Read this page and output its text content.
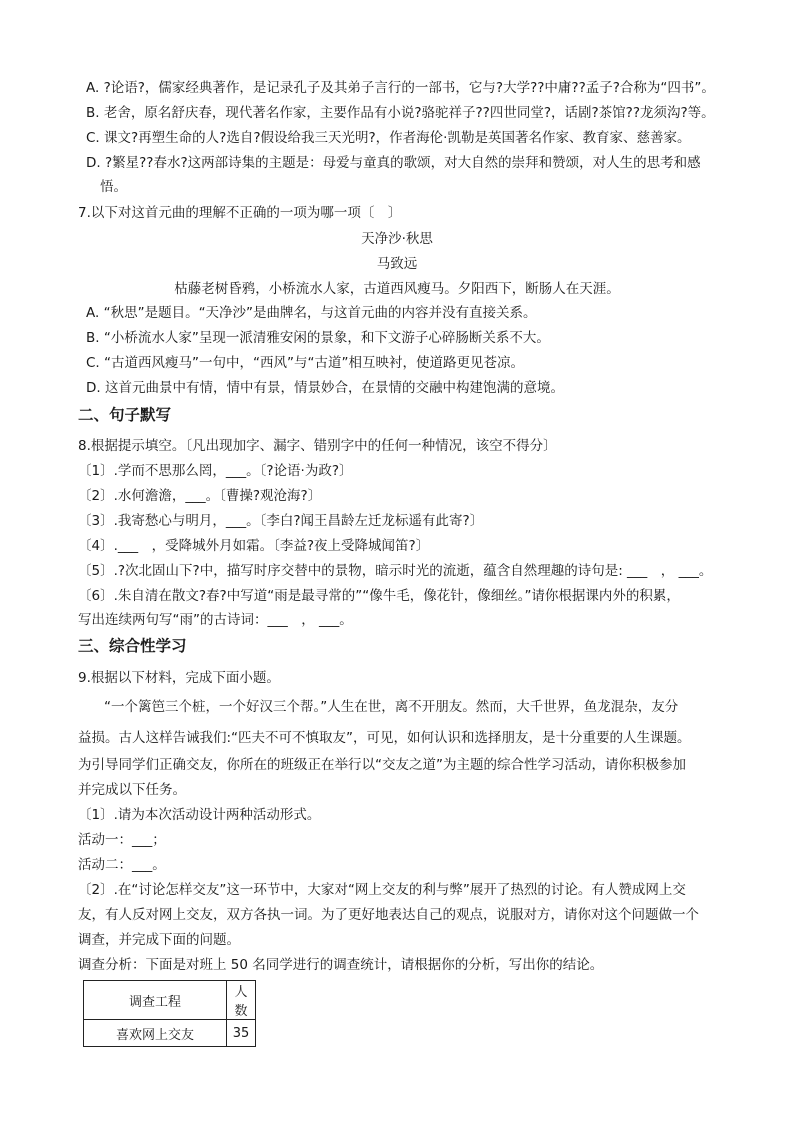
A. ?论语?，儒家经典著作，是记录孔子及其弟子言行的一部书，它与?大学??中庸??孟子?合称为“四书”。
B. 老舍，原名舒庆春，现代著名作家，主要作品有小说?骆驼祥子??四世同堂?，话剧?茶馆??龙须沟?等。
C. 课文?再塑生命的人?选自?假设给我三天光明?，作者海伦·凯勒是英国著名作家、教育家、慈善家。
D. ?繁星??春水?这两部诗集的主题是：母爱与童真的歌颂，对大自然的崇拜和赞颂，对人生的思考和感
悟。
7.以下对这首元曲的理解不正确的一项为哪一项〔　〕
天净沙·秋思
马致远
枯藤老树昏鸦，小桥流水人家，古道西风瘦马。夕阳西下，断肠人在天涯。
A. “秋思”是题目。“天净沙”是曲牌名，与这首元曲的内容并没有直接关系。
B. “小桥流水人家”呈现一派清雅安闲的景象，和下文游子心碎肠断关系不大。
C. “古道西风瘦马”一句中，“西风”与“古道”相互映衬，使道路更见苍凉。
D. 这首元曲景中有情，情中有景，情景妙合，在景情的交融中构建饱满的意境。
二、句子默写
8.根据提示填空。〔凡出现加字、漏字、错别字中的任何一种情况，该空不得分〕
〔1〕.学而不思那么罔，___。〔?论语·为政?〕
〔2〕.水何澹澹，___。〔曹操?观沧海?〕
〔3〕.我寄愁心与明月，___。〔李白?闻王昌龄左迁龙标遥有此寄?〕
〔4〕.___　，受降城外月如霜。〔李益?夜上受降城闻笛?〕
〔5〕.?次北固山下?中，描写时序交替中的景物，暗示时光的流逝，蕴含自然理趣的诗句是: ___　， ___。
〔6〕.朱自清在散文?春?中写道“雨是最寻常的”“像牛毛，像花针，像细丝。”请你根据课内外的积累，
写出连续两句写“雨”的古诗词：___　， ___。
三、综合性学习
9.根据以下材料，完成下面小题。
“一个篱笆三个桩，一个好汉三个帮。”人生在世，离不开朋友。然而，大千世界，鱼龙混杂，友分
益损。古人这样告诫我们:“匹夫不可不慎取友”，可见，如何认识和选择朋友，是十分重要的人生课题。
为引导同学们正确交友，你所在的班级正在举行以“交友之道”为主题的综合性学习活动，请你积极参加
并完成以下任务。
〔1〕.请为本次活动设计两种活动形式。
活动一：___；
活动二：___。
〔2〕.在“讨论怎样交友”这一环节中，大家对“网上交友的利与弊”展开了热烈的讨论。有人赞成网上交
友，有人反对网上交友，双方各执一词。为了更好地表达自己的观点，说服对方，请你对这个问题做一个
调查，并完成下面的问题。
调查分析：下面是对班上 50 名同学进行的调查统计，请根据你的分析，写出你的结论。
调查工程	人数
喜欢网上交友	35
